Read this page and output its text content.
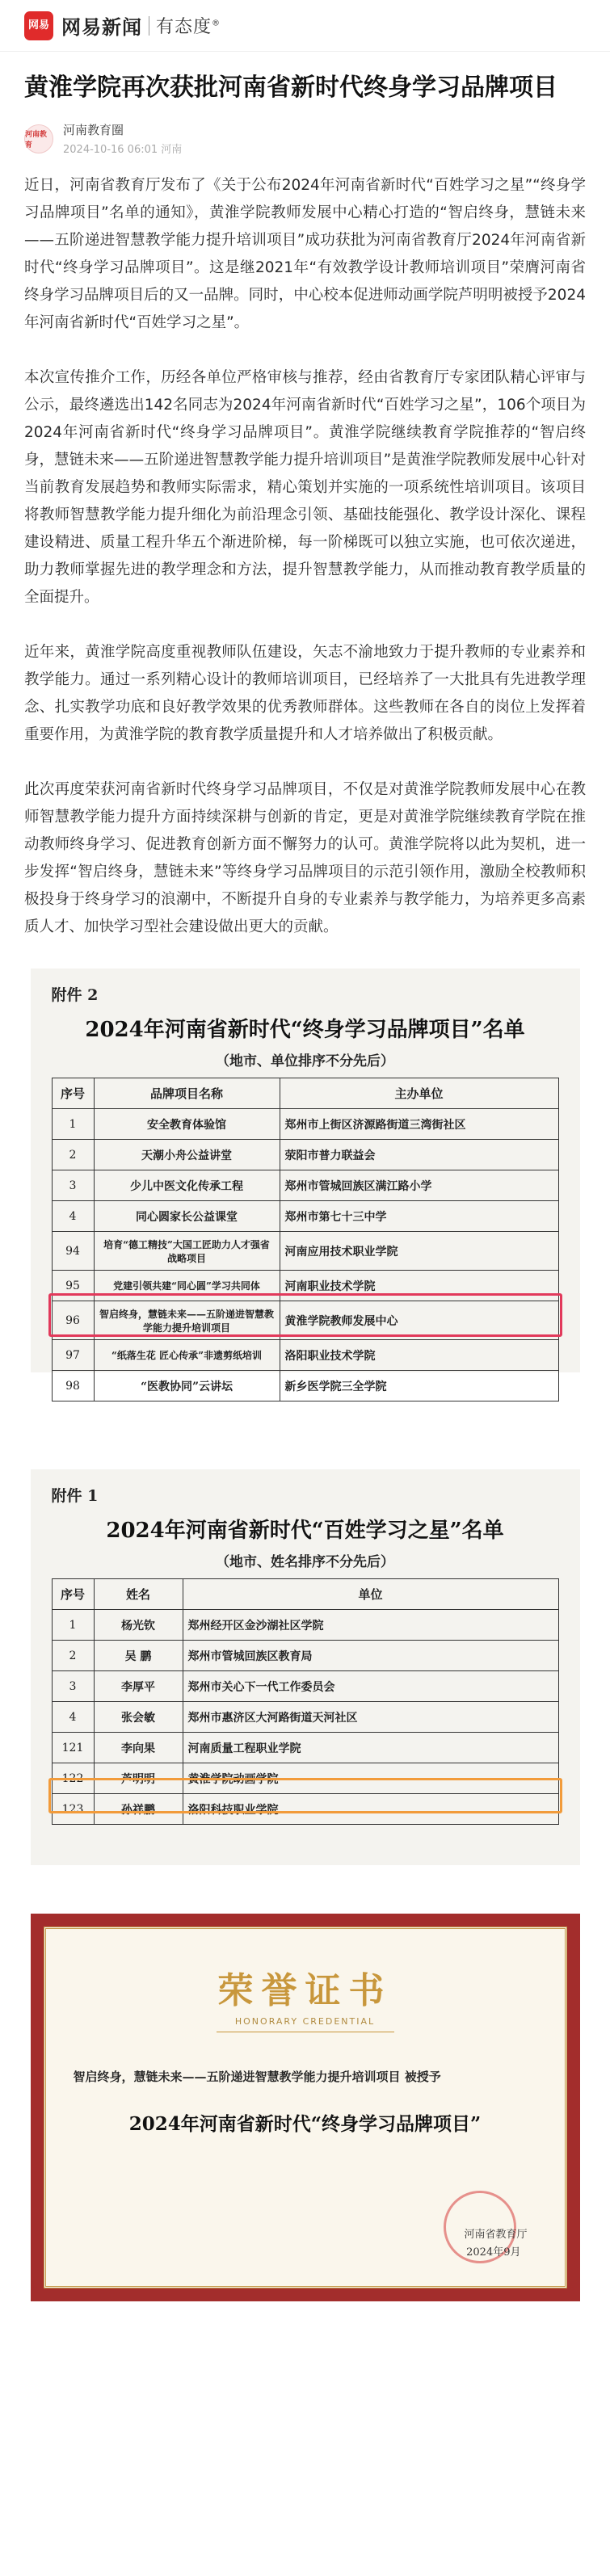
网易 网易新闻 有态度®
黄淮学院再次获批河南省新时代终身学习品牌项目
河南教育
河南教育圈
2024-10-16 06:01 河南

近日，河南省教育厅发布了《关于公布2024年河南省新时代“百姓学习之星”“终身学习品牌项目”名单的通知》，黄淮学院教师发展中心精心打造的“智启终身，慧链未来——五阶递进智慧教学能力提升培训项目”成功获批为河南省教育厅2024年河南省新时代“终身学习品牌项目”。这是继2021年“有效教学设计教师培训项目”荣膺河南省终身学习品牌项目后的又一品牌。同时，中心校本促进师动画学院芦明明被授予2024年河南省新时代“百姓学习之星”。

本次宣传推介工作，历经各单位严格审核与推荐，经由省教育厅专家团队精心评审与公示，最终遴选出142名同志为2024年河南省新时代“百姓学习之星”，106个项目为2024年河南省新时代“终身学习品牌项目”。黄淮学院继续教育学院推荐的“智启终身，慧链未来——五阶递进智慧教学能力提升培训项目”是黄淮学院教师发展中心针对当前教育发展趋势和教师实际需求，精心策划并实施的一项系统性培训项目。该项目将教师智慧教学能力提升细化为前沿理念引领、基础技能强化、教学设计深化、课程建设精进、质量工程升华五个渐进阶梯，每一阶梯既可以独立实施，也可依次递进，助力教师掌握先进的教学理念和方法，提升智慧教学能力，从而推动教育教学质量的全面提升。

近年来，黄淮学院高度重视教师队伍建设，矢志不渝地致力于提升教师的专业素养和教学能力。通过一系列精心设计的教师培训项目，已经培养了一大批具有先进教学理念、扎实教学功底和良好教学效果的优秀教师群体。这些教师在各自的岗位上发挥着重要作用，为黄淮学院的教育教学质量提升和人才培养做出了积极贡献。

此次再度荣获河南省新时代终身学习品牌项目，不仅是对黄淮学院教师发展中心在教师智慧教学能力提升方面持续深耕与创新的肯定，更是对黄淮学院继续教育学院在推动教师终身学习、促进教育创新方面不懈努力的认可。黄淮学院将以此为契机，进一步发挥“智启终身，慧链未来”等终身学习品牌项目的示范引领作用，激励全校教师积极投身于终身学习的浪潮中，不断提升自身的专业素养与教学能力，为培养更多高素质人才、加快学习型社会建设做出更大的贡献。

附件 2
2024年河南省新时代“终身学习品牌项目”名单
（地市、单位排序不分先后）
序号	品牌项目名称	主办单位
1	安全教育体验馆	郑州市上街区济源路街道三湾街社区
2	天潮小舟公益讲堂	荥阳市普力联益会
3	少儿中医文化传承工程	郑州市管城回族区满江路小学
4	同心圆家长公益课堂	郑州市第七十三中学
94	培育“德工精技”大国工匠助力人才强省战略项目	河南应用技术职业学院
95	党建引领共建“同心圆”学习共同体	河南职业技术学院
96	智启终身，慧链未来——五阶递进智慧教学能力提升培训项目	黄淮学院教师发展中心
97	“纸落生花 匠心传承”非遗剪纸培训	洛阳职业技术学院
98	“医教协同”云讲坛	新乡医学院三全学院
附件 1
2024年河南省新时代“百姓学习之星”名单
（地市、姓名排序不分先后）
序号	姓名	单位
1	杨光钦	郑州经开区金沙湖社区学院
2	吴 鹏	郑州市管城回族区教育局
3	李厚平	郑州市关心下一代工作委员会
4	张会敏	郑州市惠济区大河路街道天河社区
121	李向果	河南质量工程职业学院
122	芦明明	黄淮学院动画学院
123	孙祥鹏	洛阳科技职业学院
荣誉证书
HONORARY CREDENTIAL
智启终身，慧链未来——五阶递进智慧教学能力提升培训项目 被授予
2024年河南省新时代“终身学习品牌项目”
河南省教育厅
2024年9月
